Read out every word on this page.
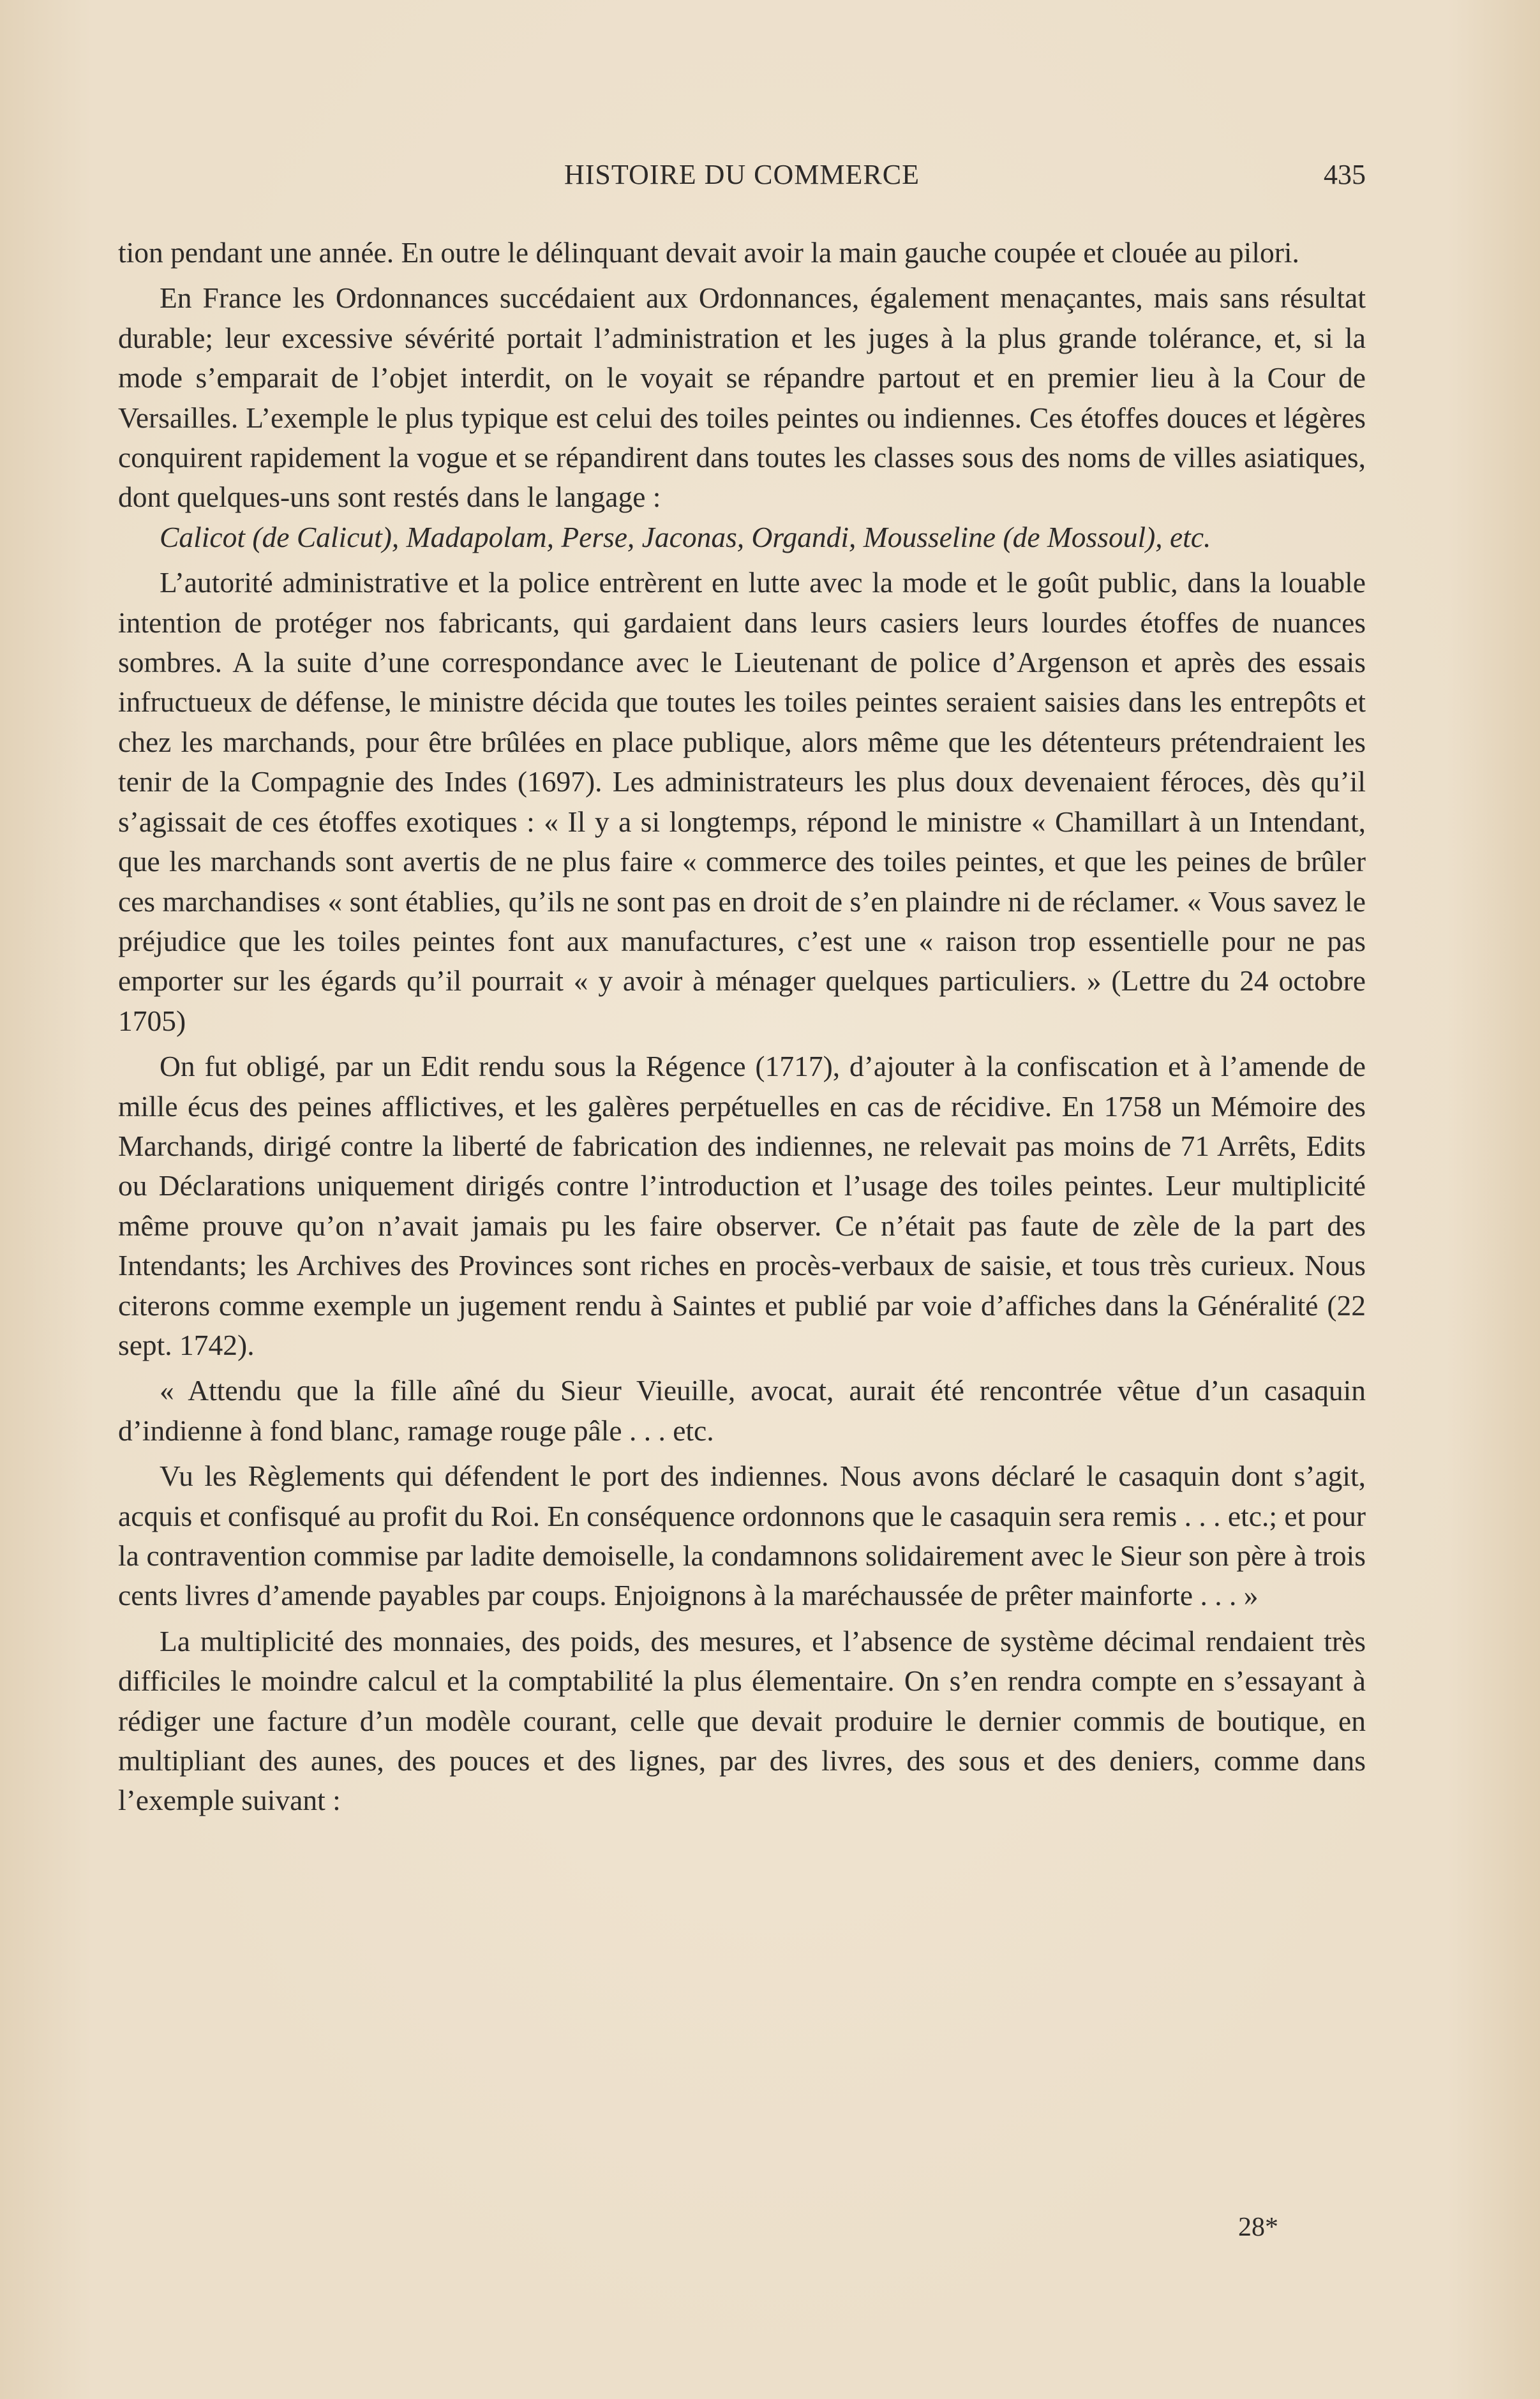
HISTOIRE DU COMMERCE	435

tion pendant une année. En outre le délinquant devait avoir la main gauche coupée et clouée au pilori.

En France les Ordonnances succédaient aux Ordonnances, également menaçantes, mais sans résultat durable; leur excessive sévérité portait l’administration et les juges à la plus grande tolérance, et, si la mode s’emparait de l’objet interdit, on le voyait se répandre partout et en premier lieu à la Cour de Versailles. L’exemple le plus typique est celui des toiles peintes ou indiennes. Ces étoffes douces et légères conquirent rapidement la vogue et se répandirent dans toutes les classes sous des noms de villes asiatiques, dont quelques-uns sont restés dans le langage :

Calicot (de Calicut), Madapolam, Perse, Jaconas, Organdi, Mousseline (de Mossoul), etc.

L’autorité administrative et la police entrèrent en lutte avec la mode et le goût public, dans la louable intention de protéger nos fabricants, qui gardaient dans leurs casiers leurs lourdes étoffes de nuances sombres. A la suite d’une correspondance avec le Lieutenant de police d’Argenson et après des essais infructueux de défense, le ministre décida que toutes les toiles peintes seraient saisies dans les entrepôts et chez les marchands, pour être brûlées en place publique, alors même que les détenteurs prétendraient les tenir de la Compagnie des Indes (1697). Les administrateurs les plus doux devenaient féroces, dès qu’il s’agissait de ces étoffes exotiques : « Il y a si longtemps, répond le ministre « Chamillart à un Intendant, que les marchands sont avertis de ne plus faire « commerce des toiles peintes, et que les peines de brûler ces marchandises « sont établies, qu’ils ne sont pas en droit de s’en plaindre ni de réclamer. « Vous savez le préjudice que les toiles peintes font aux manufactures, c’est une « raison trop essentielle pour ne pas emporter sur les égards qu’il pourrait « y avoir à ménager quelques particuliers. » (Lettre du 24 octobre 1705)

On fut obligé, par un Edit rendu sous la Régence (1717), d’ajouter à la confiscation et à l’amende de mille écus des peines afflictives, et les galères perpétuelles en cas de récidive. En 1758 un Mémoire des Marchands, dirigé contre la liberté de fabrication des indiennes, ne relevait pas moins de 71 Arrêts, Edits ou Déclarations uniquement dirigés contre l’introduction et l’usage des toiles peintes. Leur multiplicité même prouve qu’on n’avait jamais pu les faire observer. Ce n’était pas faute de zèle de la part des Intendants; les Archives des Provinces sont riches en procès-verbaux de saisie, et tous très curieux. Nous citerons comme exemple un jugement rendu à Saintes et publié par voie d’affiches dans la Généralité (22 sept. 1742).

« Attendu que la fille aîné du Sieur Vieuille, avocat, aurait été rencontrée vêtue d’un casaquin d’indienne à fond blanc, ramage rouge pâle . . . etc.

Vu les Règlements qui défendent le port des indiennes. Nous avons déclaré le casaquin dont s’agit, acquis et confisqué au profit du Roi. En conséquence ordonnons que le casaquin sera remis . . . etc.; et pour la contravention commise par ladite demoiselle, la condamnons solidairement avec le Sieur son père à trois cents livres d’amende payables par coups. Enjoignons à la maréchaussée de prêter mainforte . . . »

La multiplicité des monnaies, des poids, des mesures, et l’absence de système décimal rendaient très difficiles le moindre calcul et la comptabilité la plus élementaire. On s’en rendra compte en s’essayant à rédiger une facture d’un modèle courant, celle que devait produire le dernier commis de boutique, en multipliant des aunes, des pouces et des lignes, par des livres, des sous et des deniers, comme dans l’exemple suivant :

28*
